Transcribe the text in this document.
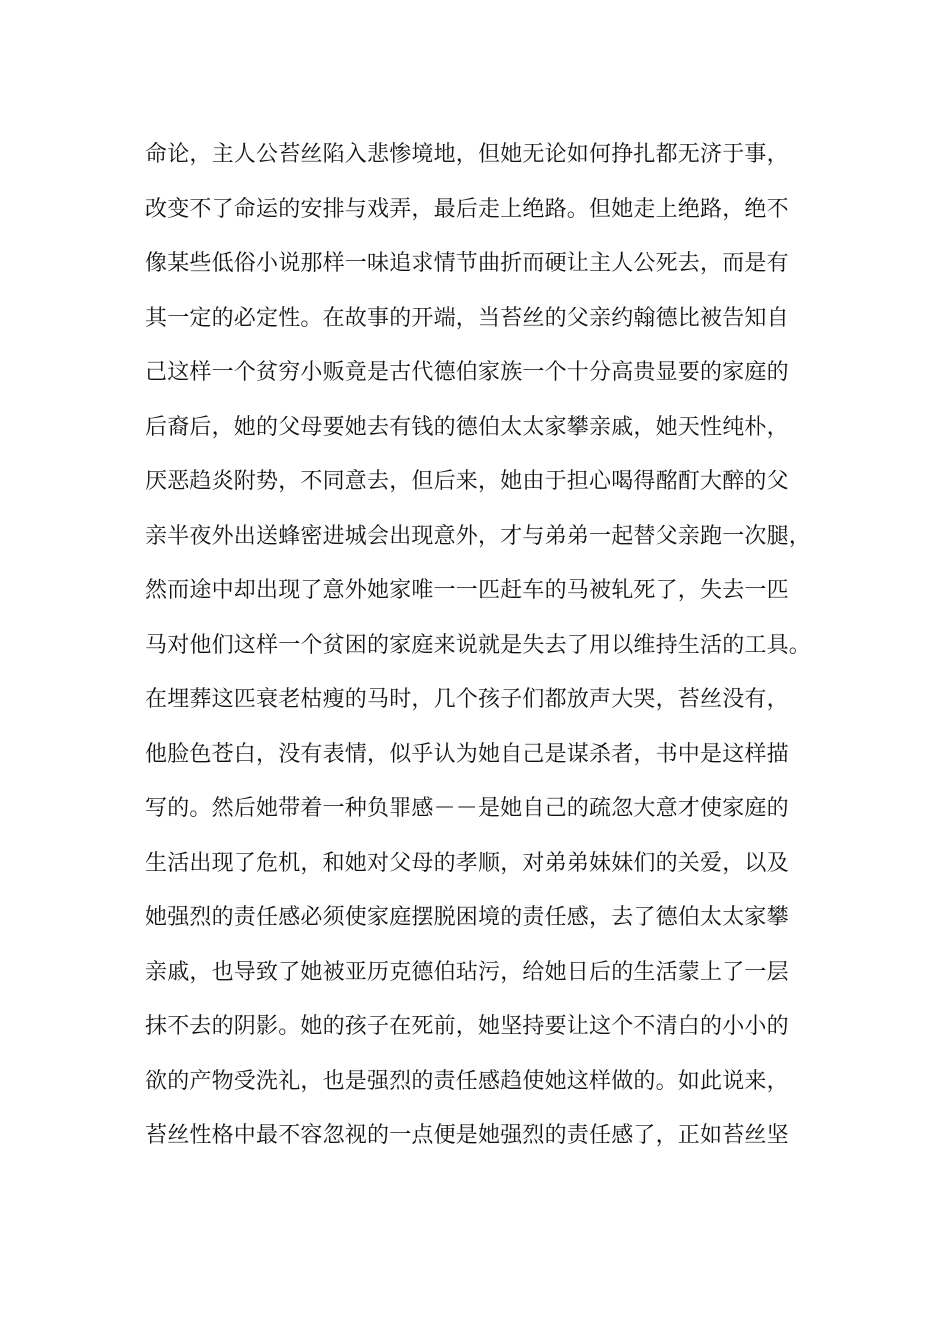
命论，主人公苔丝陷入悲惨境地，但她无论如何挣扎都无济于事，
改变不了命运的安排与戏弄，最后走上绝路。但她走上绝路，绝不
像某些低俗小说那样一味追求情节曲折而硬让主人公死去，而是有
其一定的必定性。在故事的开端，当苔丝的父亲约翰德比被告知自
己这样一个贫穷小贩竟是古代德伯家族一个十分高贵显要的家庭的
后裔后，她的父母要她去有钱的德伯太太家攀亲戚，她天性纯朴，
厌恶趋炎附势，不同意去，但后来，她由于担心喝得酩酊大醉的父
亲半夜外出送蜂密进城会出现意外，才与弟弟一起替父亲跑一次腿，
然而途中却出现了意外她家唯一一匹赶车的马被轧死了，失去一匹
马对他们这样一个贫困的家庭来说就是失去了用以维持生活的工具。
在埋葬这匹衰老枯瘦的马时，几个孩子们都放声大哭，苔丝没有，
他脸色苍白，没有表情，似乎认为她自己是谋杀者，书中是这样描
写的。然后她带着一种负罪感－－是她自己的疏忽大意才使家庭的
生活出现了危机，和她对父母的孝顺，对弟弟妹妹们的关爱，以及
她强烈的责任感必须使家庭摆脱困境的责任感，去了德伯太太家攀
亲戚，也导致了她被亚历克德伯玷污，给她日后的生活蒙上了一层
抹不去的阴影。她的孩子在死前，她坚持要让这个不清白的小小的
欲的产物受洗礼，也是强烈的责任感趋使她这样做的。如此说来，
苔丝性格中最不容忽视的一点便是她强烈的责任感了，正如苔丝坚
